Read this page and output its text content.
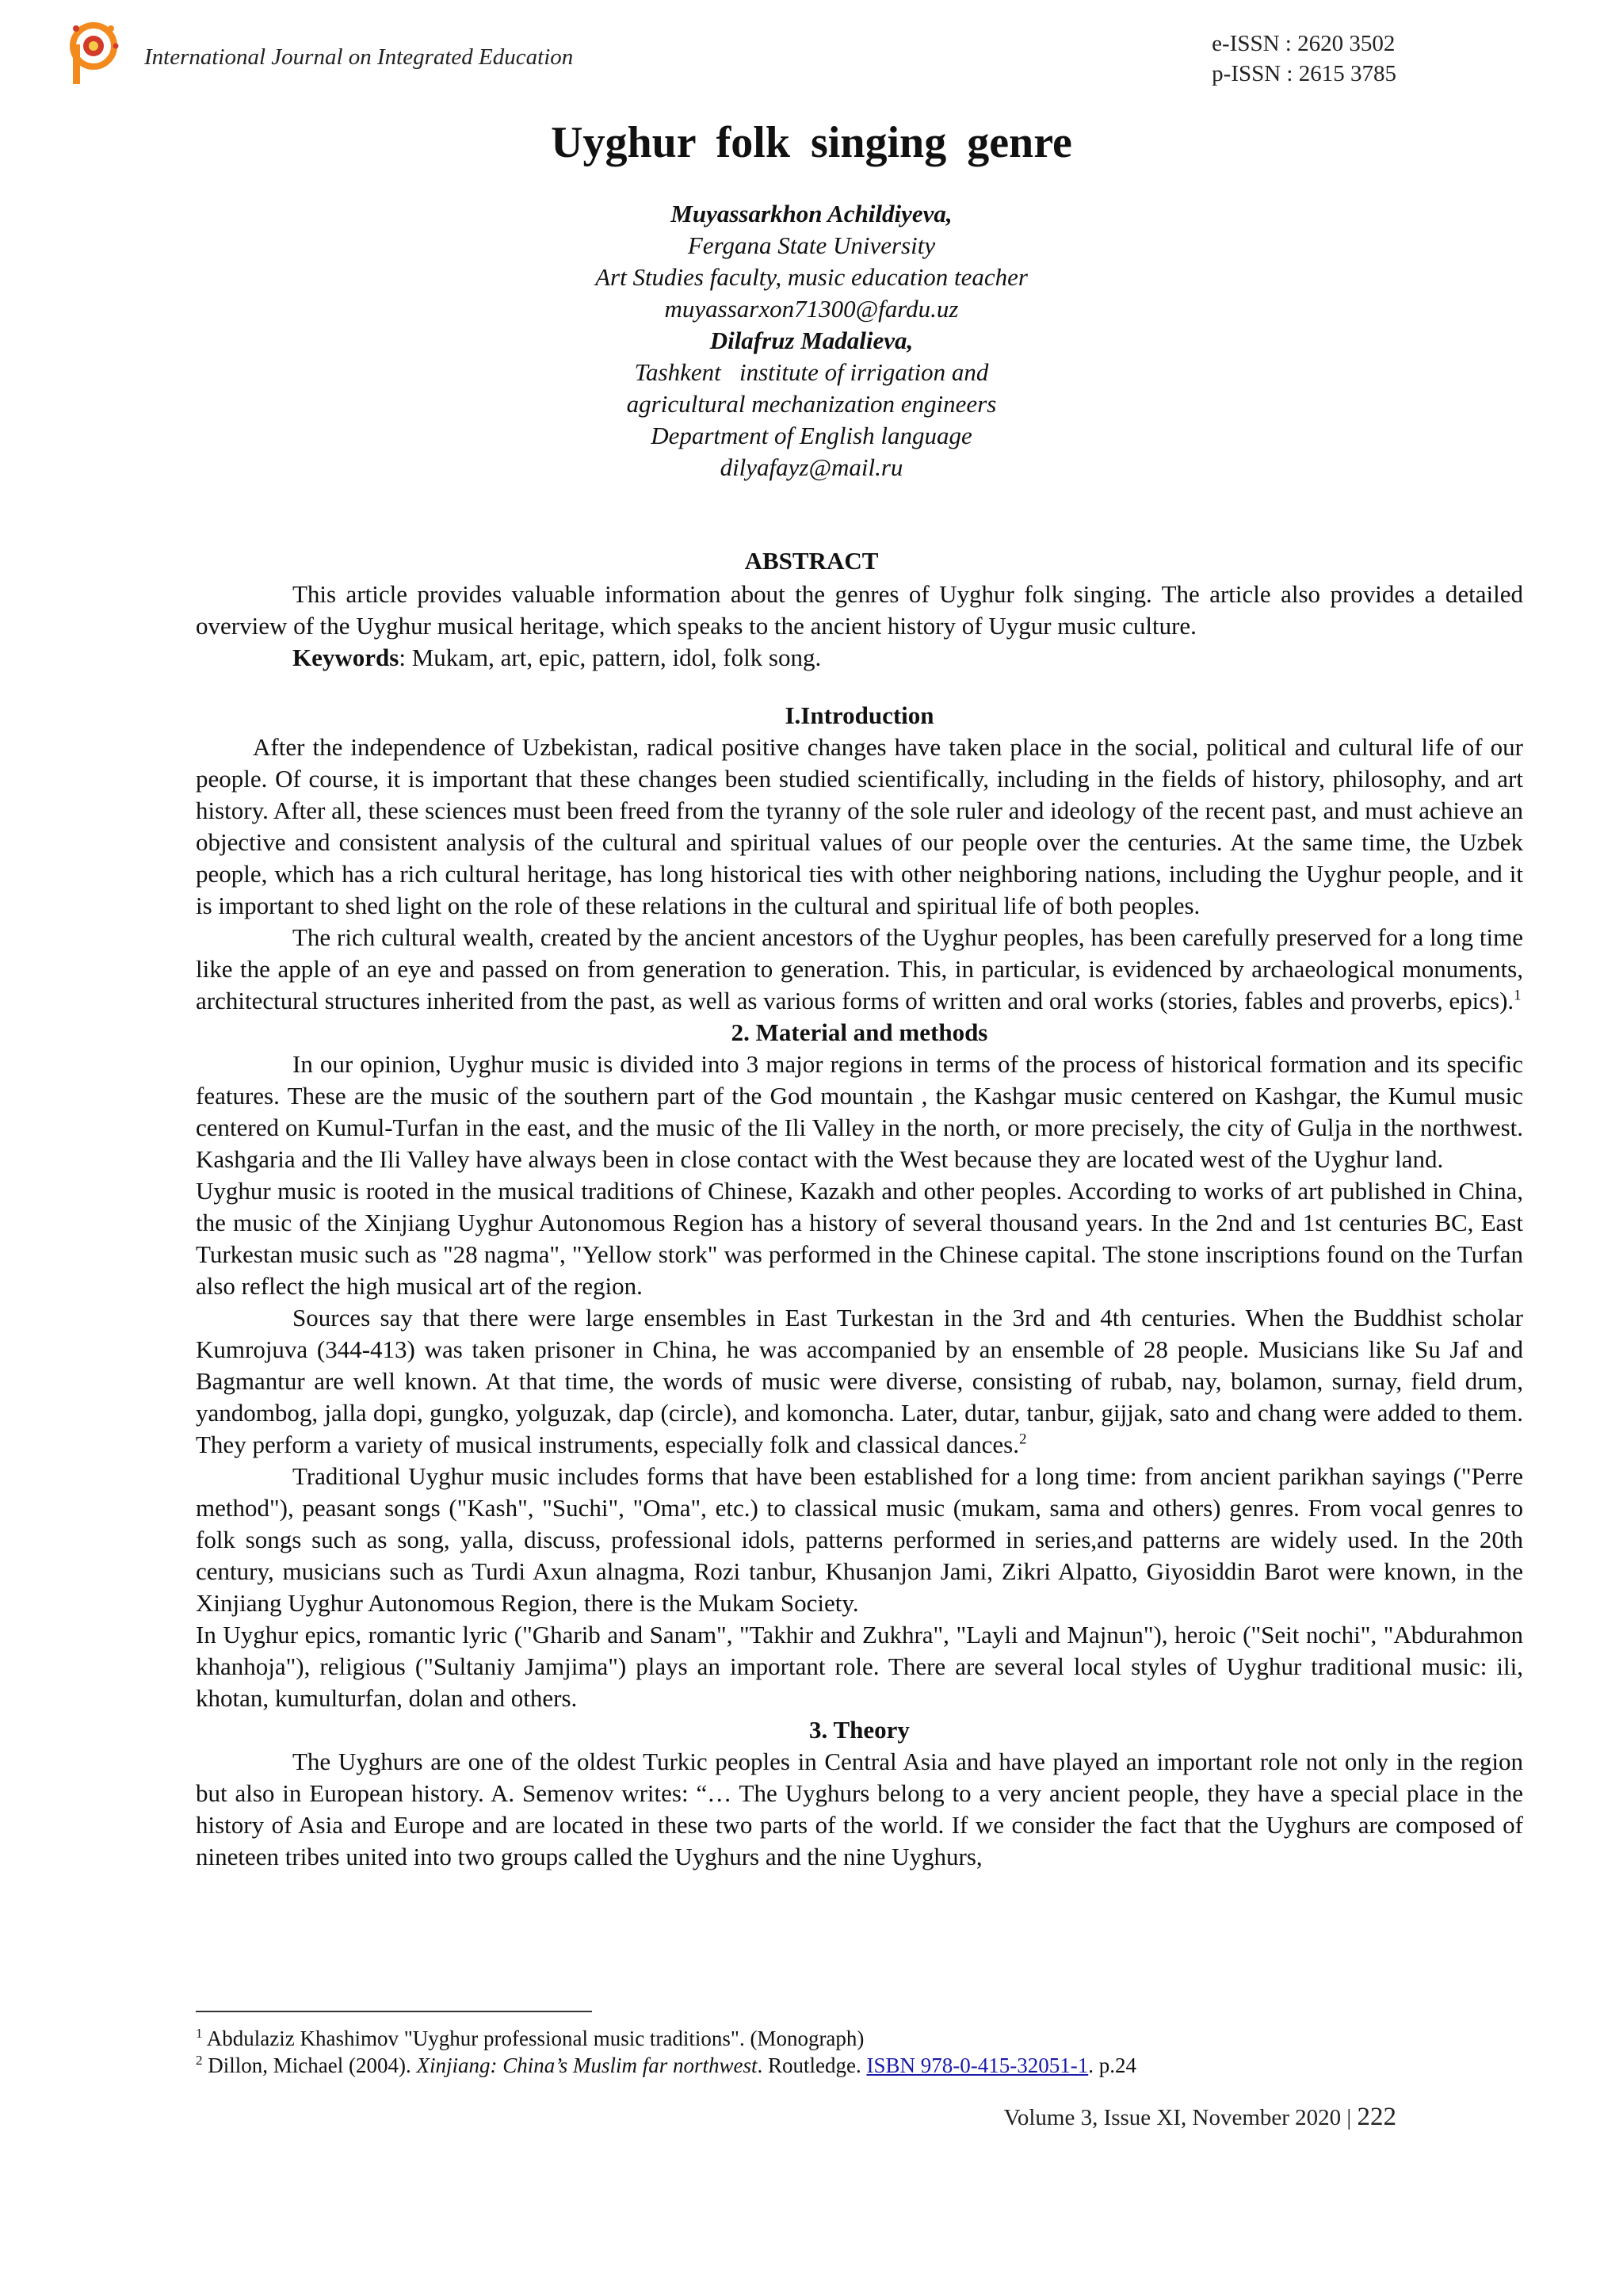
International Journal on Integrated Education
e-ISSN : 2620 3502
p-ISSN : 2615 3785
Uyghur folk singing genre
Muyassarkhon Achildiyeva,
Fergana State University
Art Studies faculty, music education teacher
muyassarxon71300@fardu.uz
Dilafruz Madalieva,
Tashkent   institute of irrigation and
agricultural mechanization engineers
Department of English language
dilyafayz@mail.ru
ABSTRACT

This article provides valuable information about the genres of Uyghur folk singing. The article also provides a detailed overview of the Uyghur musical heritage, which speaks to the ancient history of Uygur music culture.

Keywords: Mukam, art, epic, pattern, idol, folk song.

I.Introduction

After the independence of Uzbekistan, radical positive changes have taken place in the social, political and cultural life of our people. Of course, it is important that these changes been studied scientifically, including in the fields of history, philosophy, and art history. After all, these sciences must been freed from the tyranny of the sole ruler and ideology of the recent past, and must achieve an objective and consistent analysis of the cultural and spiritual values of our people over the centuries. At the same time, the Uzbek people, which has a rich cultural heritage, has long historical ties with other neighboring nations, including the Uyghur people, and it is important to shed light on the role of these relations in the cultural and spiritual life of both peoples.

The rich cultural wealth, created by the ancient ancestors of the Uyghur peoples, has been carefully preserved for a long time like the apple of an eye and passed on from generation to generation. This, in particular, is evidenced by archaeological monuments, architectural structures inherited from the past, as well as various forms of written and oral works (stories, fables and proverbs, epics).$^1$

2. Material and methods

In our opinion, Uyghur music is divided into 3 major regions in terms of the process of historical formation and its specific features. These are the music of the southern part of the God mountain , the Kashgar music centered on Kashgar, the Kumul music centered on Kumul-Turfan in the east, and the music of the Ili Valley in the north, or more precisely, the city of Gulja in the northwest. Kashgaria and the Ili Valley have always been in close contact with the West because they are located west of the Uyghur land.

Uyghur music is rooted in the musical traditions of Chinese, Kazakh and other peoples. According to works of art published in China, the music of the Xinjiang Uyghur Autonomous Region has a history of several thousand years. In the 2nd and 1st centuries BC, East Turkestan music such as "28 nagma", "Yellow stork" was performed in the Chinese capital. The stone inscriptions found on the Turfan also reflect the high musical art of the region.

Sources say that there were large ensembles in East Turkestan in the 3rd and 4th centuries. When the Buddhist scholar Kumrojuva (344-413) was taken prisoner in China, he was accompanied by an ensemble of 28 people. Musicians like Su Jaf and Bagmantur are well known. At that time, the words of music were diverse, consisting of rubab, nay, bolamon, surnay, field drum, yandombog, jalla dopi, gungko, yolguzak, dap (circle), and komoncha. Later, dutar, tanbur, gijjak, sato and chang were added to them. They perform a variety of musical instruments, especially folk and classical dances.$^2$

Traditional Uyghur music includes forms that have been established for a long time: from ancient parikhan sayings ("Perre method"), peasant songs ("Kash", "Suchi", "Oma", etc.) to classical music (mukam, sama and others) genres. From vocal genres to folk songs such as song, yalla, discuss, professional idols, patterns performed in series,and patterns are widely used. In the 20th century, musicians such as Turdi Axun alnagma, Rozi tanbur, Khusanjon Jami, Zikri Alpatto, Giyosiddin Barot were known, in the Xinjiang Uyghur Autonomous Region, there is the Mukam Society.

In Uyghur epics, romantic lyric ("Gharib and Sanam", "Takhir and Zukhra", "Layli and Majnun"), heroic ("Seit nochi", "Abdurahmon khanhoja"), religious ("Sultaniy Jamjima") plays an important role. There are several local styles of Uyghur traditional music: ili, khotan, kumulturfan, dolan and others.

3. Theory

The Uyghurs are one of the oldest Turkic peoples in Central Asia and have played an important role not only in the region but also in European history. A. Semenov writes: “… The Uyghurs belong to a very ancient people, they have a special place in the history of Asia and Europe and are located in these two parts of the world. If we consider the fact that the Uyghurs are composed of nineteen tribes united into two groups called the Uyghurs and the nine Uyghurs,

$^1$ Abdulaziz Khashimov "Uyghur professional music traditions". (Monograph)

$^2$ Dillon, Michael (2004). Xinjiang: China’s Muslim far northwest. Routledge. ISBN 978-0-415-32051-1. p.24

Volume 3, Issue XI, November 2020 | 222
